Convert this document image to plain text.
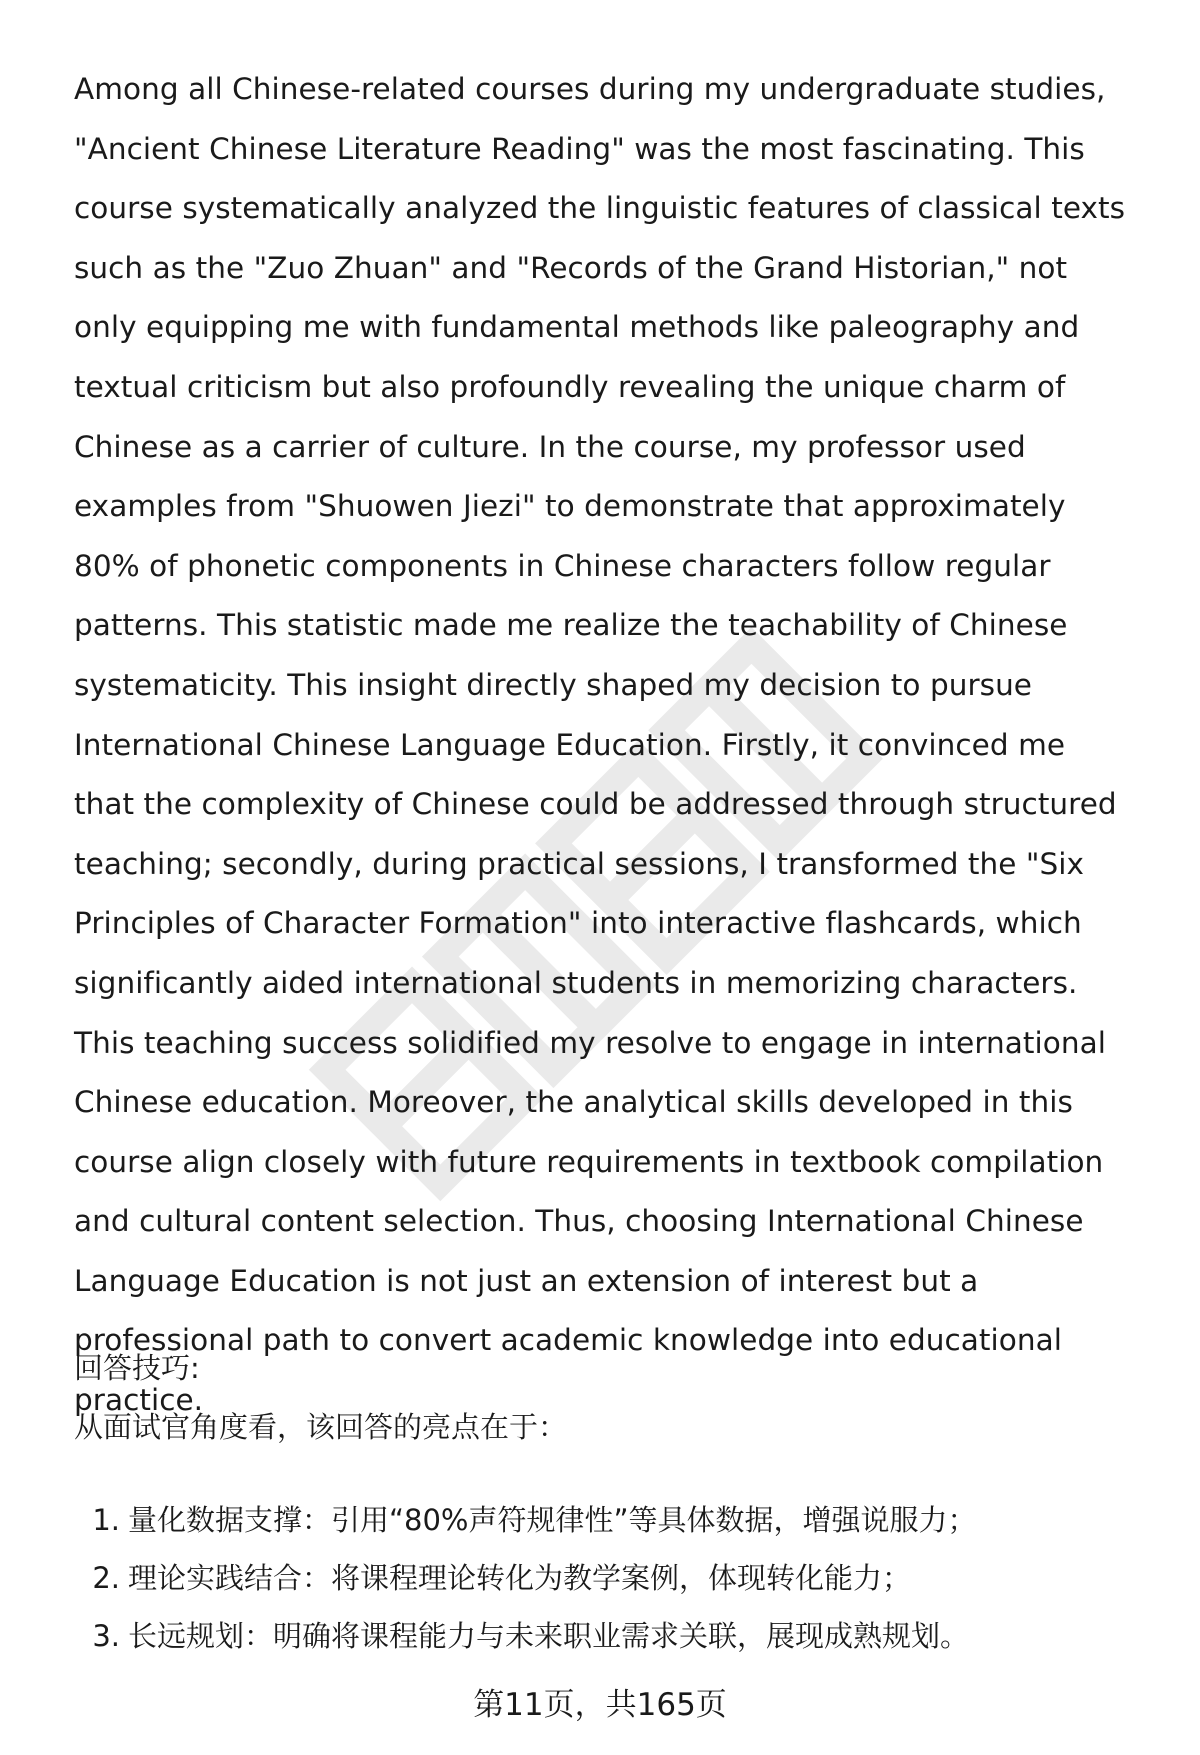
Among all Chinese-related courses during my undergraduate studies, "Ancient Chinese Literature Reading" was the most fascinating. This course systematically analyzed the linguistic features of classical texts such as the "Zuo Zhuan" and "Records of the Grand Historian," not only equipping me with fundamental methods like paleography and textual criticism but also profoundly revealing the unique charm of Chinese as a carrier of culture. In the course, my professor used examples from "Shuowen Jiezi" to demonstrate that approximately 80% of phonetic components in Chinese characters follow regular patterns. This statistic made me realize the teachability of Chinese systematicity. This insight directly shaped my decision to pursue International Chinese Language Education. Firstly, it convinced me that the complexity of Chinese could be addressed through structured teaching; secondly, during practical sessions, I transformed the "Six Principles of Character Formation" into interactive flashcards, which significantly aided international students in memorizing characters. This teaching success solidified my resolve to engage in international Chinese education. Moreover, the analytical skills developed in this course align closely with future requirements in textbook compilation and cultural content selection. Thus, choosing International Chinese Language Education is not just an extension of interest but a professional path to convert academic knowledge into educational practice.

回答技巧:

从面试官角度看，该回答的亮点在于：

1. 量化数据支撑：引用“80%声符规律性”等具体数据，增强说服力；
2. 理论实践结合：将课程理论转化为教学案例，体现转化能力；
3. 长远规划：明确将课程能力与未来职业需求关联，展现成熟规划。

第11页，共165页
